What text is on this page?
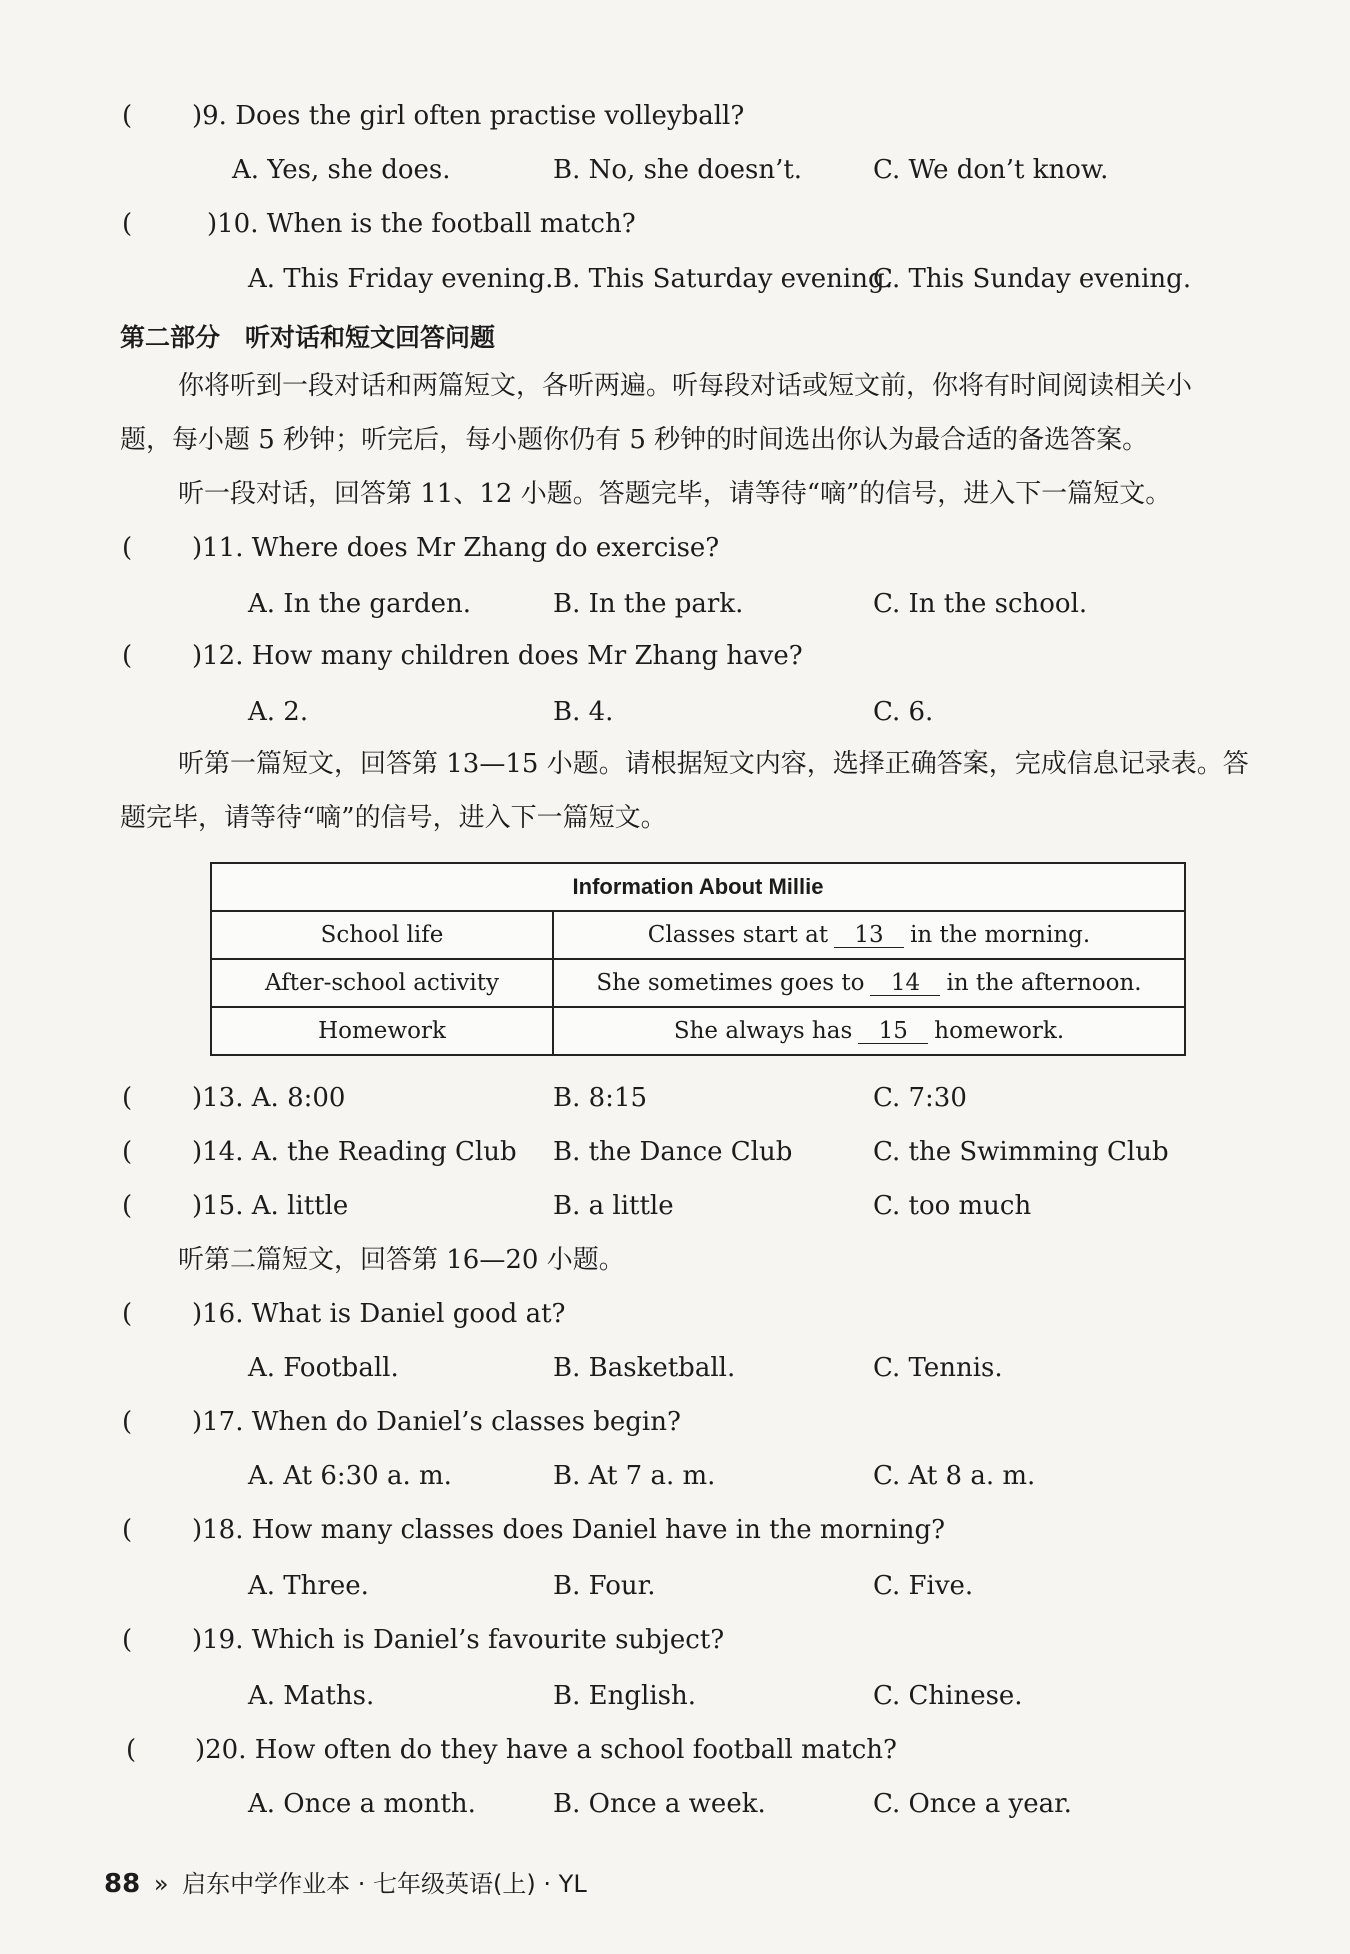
( )9. Does the girl often practise volleyball?
A. Yes, she does.	B. No, she doesn’t.	C. We don’t know.
(	)10. When is the football match?
A. This Friday evening. B. This Saturday evening.
C. This Sunday evening.
第二部分　听对话和短文回答问题
你将听到一段对话和两篇短文，各听两遍。听每段对话或短文前，你将有时间阅读相关小
题，每小题 5 秒钟；听完后，每小题你仍有 5 秒钟的时间选出你认为最合适的备选答案。
听一段对话，回答第 11、12 小题。答题完毕，请等待“嘀”的信号，进入下一篇短文。
( )11. Where does Mr Zhang do exercise?
A. In the garden.	B. In the park.	C. In the school.
( )12. How many children does Mr Zhang have?
A. 2.	B. 4.	C. 6.
听第一篇短文，回答第 13—15 小题。请根据短文内容，选择正确答案，完成信息记录表。答
题完毕，请等待“嘀”的信号，进入下一篇短文。
Information About Millie	
School life	Classes start at 13 in the morning.
After-school activity	She sometimes goes to 14 in the afternoon.
Homework	She always has 15 homework.
( )13. A. 8:00	B. 8:15	C. 7:30
( )14. A. the Reading Club B. the Dance Club	C. the Swimming Club
( )15. A. little	B. a little	C. too much
听第二篇短文，回答第 16—20 小题。
( )16. What is Daniel good at?
A. Football.	B. Basketball.	C. Tennis.
( )17. When do Daniel’s classes begin?
A. At 6:30 a. m.	B. At 7 a. m.	C. At 8 a. m.
( )18. How many classes does Daniel have in the morning?
A. Three.	B. Four.	C. Five.
( )19. Which is Daniel’s favourite subject?
A. Maths.	B. English.	C. Chinese.
( )20. How often do they have a school football match?
A. Once a month.	B. Once a week.	C. Once a year.
88 » 启东中学作业本 · 七年级英语(上) · YL
